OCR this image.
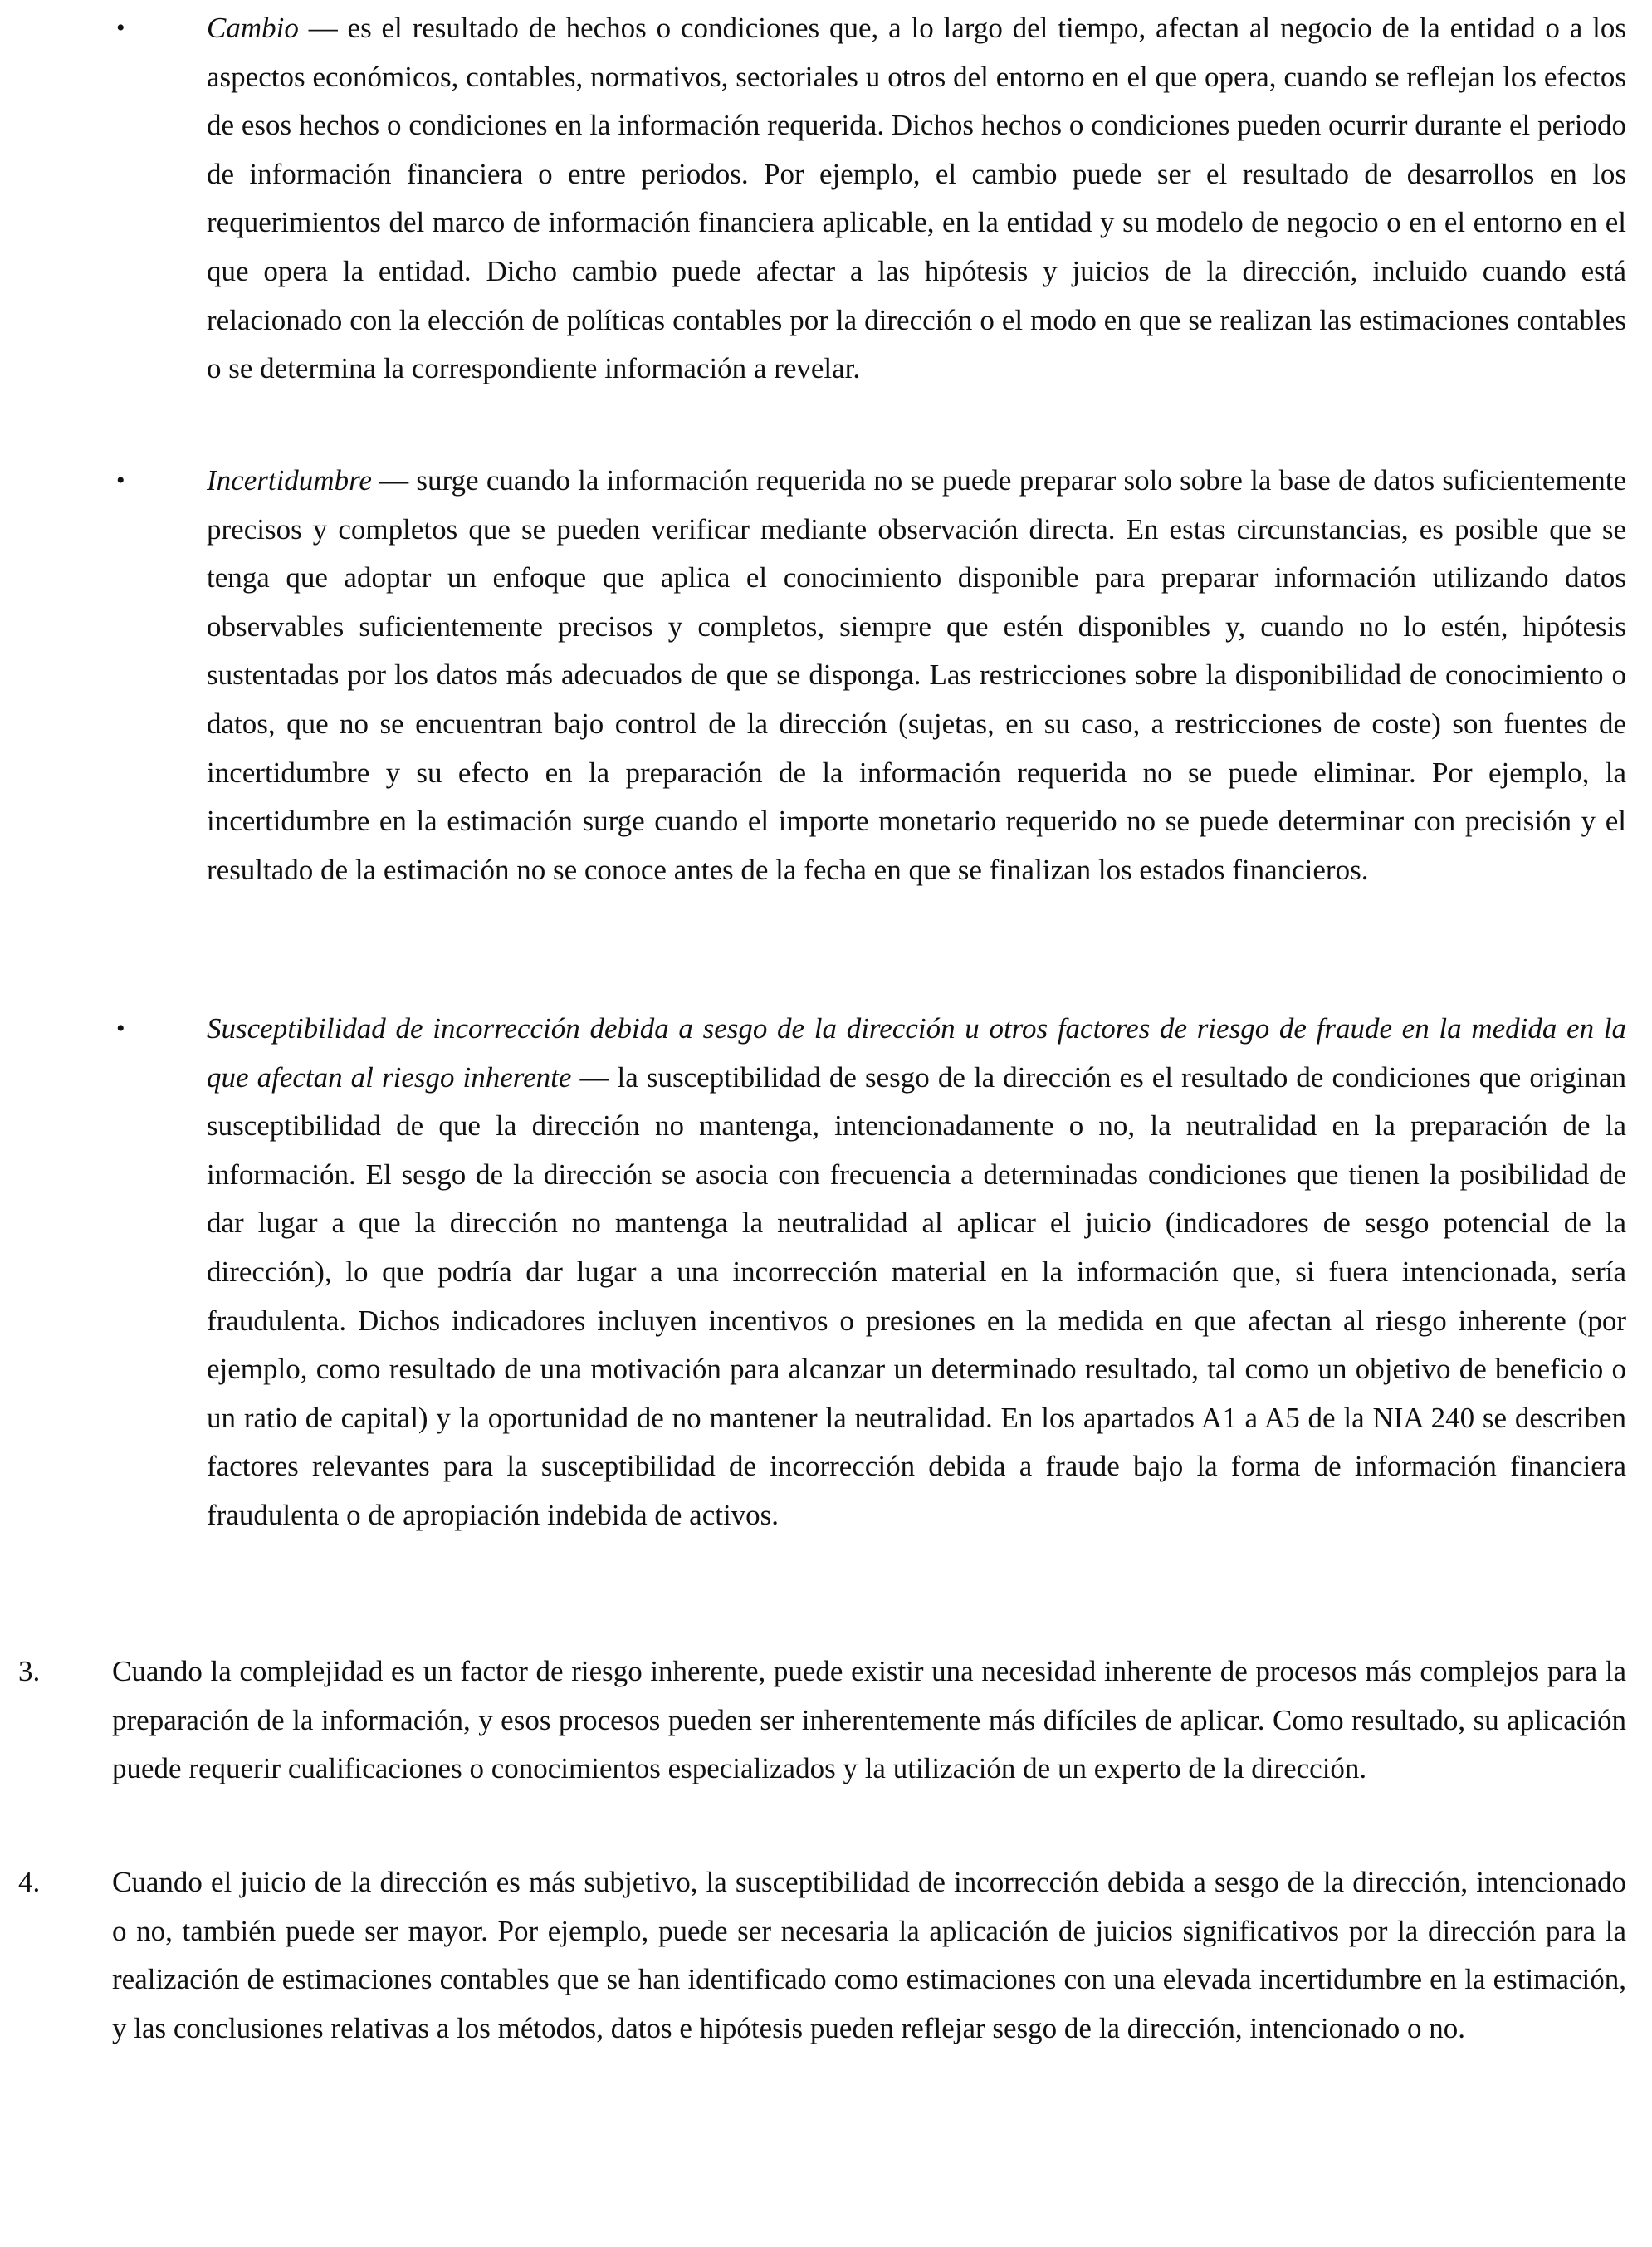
•	Cambio — es el resultado de hechos o condiciones que, a lo largo del tiempo, afectan al negocio de la entidad o a los aspectos económicos, contables, normativos, sectoriales u otros del entorno en el que opera, cuando se reflejan los efectos de esos hechos o condiciones en la información requerida. Dichos hechos o condiciones pueden ocurrir durante el periodo de información financiera o entre periodos. Por ejemplo, el cambio puede ser el resultado de desarrollos en los requerimientos del marco de información financiera aplicable, en la entidad y su modelo de negocio o en el entorno en el que opera la entidad. Dicho cambio puede afectar a las hipótesis y juicios de la dirección, incluido cuando está relacionado con la elección de políticas contables por la dirección o el modo en que se realizan las estimaciones contables o se determina la correspondiente información a revelar.

•	Incertidumbre — surge cuando la información requerida no se puede preparar solo sobre la base de datos suficientemente precisos y completos que se pueden verificar mediante observación directa. En estas circunstancias, es posible que se tenga que adoptar un enfoque que aplica el conocimiento disponible para preparar información utilizando datos observables suficientemente precisos y completos, siempre que estén disponibles y, cuando no lo estén, hipótesis sustentadas por los datos más adecuados de que se disponga. Las restricciones sobre la disponibilidad de conocimiento o datos, que no se encuentran bajo control de la dirección (sujetas, en su caso, a restricciones de coste) son fuentes de incertidumbre y su efecto en la preparación de la información requerida no se puede eliminar. Por ejemplo, la incertidumbre en la estimación surge cuando el importe monetario requerido no se puede determinar con precisión y el resultado de la estimación no se conoce antes de la fecha en que se finalizan los estados financieros.

•	Susceptibilidad de incorrección debida a sesgo de la dirección u otros factores de riesgo de fraude en la medida en la que afectan al riesgo inherente — la susceptibilidad de sesgo de la dirección es el resultado de condiciones que originan susceptibilidad de que la dirección no mantenga, intencionadamente o no, la neutralidad en la preparación de la información. El sesgo de la dirección se asocia con frecuencia a determinadas condiciones que tienen la posibilidad de dar lugar a que la dirección no mantenga la neutralidad al aplicar el juicio (indicadores de sesgo potencial de la dirección), lo que podría dar lugar a una incorrección material en la información que, si fuera intencionada, sería fraudulenta. Dichos indicadores incluyen incentivos o presiones en la medida en que afectan al riesgo inherente (por ejemplo, como resultado de una motivación para alcanzar un determinado resultado, tal como un objetivo de beneficio o un ratio de capital) y la oportunidad de no mantener la neutralidad. En los apartados A1 a A5 de la NIA 240 se describen factores relevantes para la susceptibilidad de incorrección debida a fraude bajo la forma de información financiera fraudulenta o de apropiación indebida de activos.

3. Cuando la complejidad es un factor de riesgo inherente, puede existir una necesidad inherente de procesos más complejos para la preparación de la información, y esos procesos pueden ser inherentemente más difíciles de aplicar. Como resultado, su aplicación puede requerir cualificaciones o conocimientos especializados y la utilización de un experto de la dirección.

4. Cuando el juicio de la dirección es más subjetivo, la susceptibilidad de incorrección debida a sesgo de la dirección, intencionado o no, también puede ser mayor. Por ejemplo, puede ser necesaria la aplicación de juicios significativos por la dirección para la realización de estimaciones contables que se han identificado como estimaciones con una elevada incertidumbre en la estimación, y las conclusiones relativas a los métodos, datos e hipótesis pueden reflejar sesgo de la dirección, intencionado o no.
